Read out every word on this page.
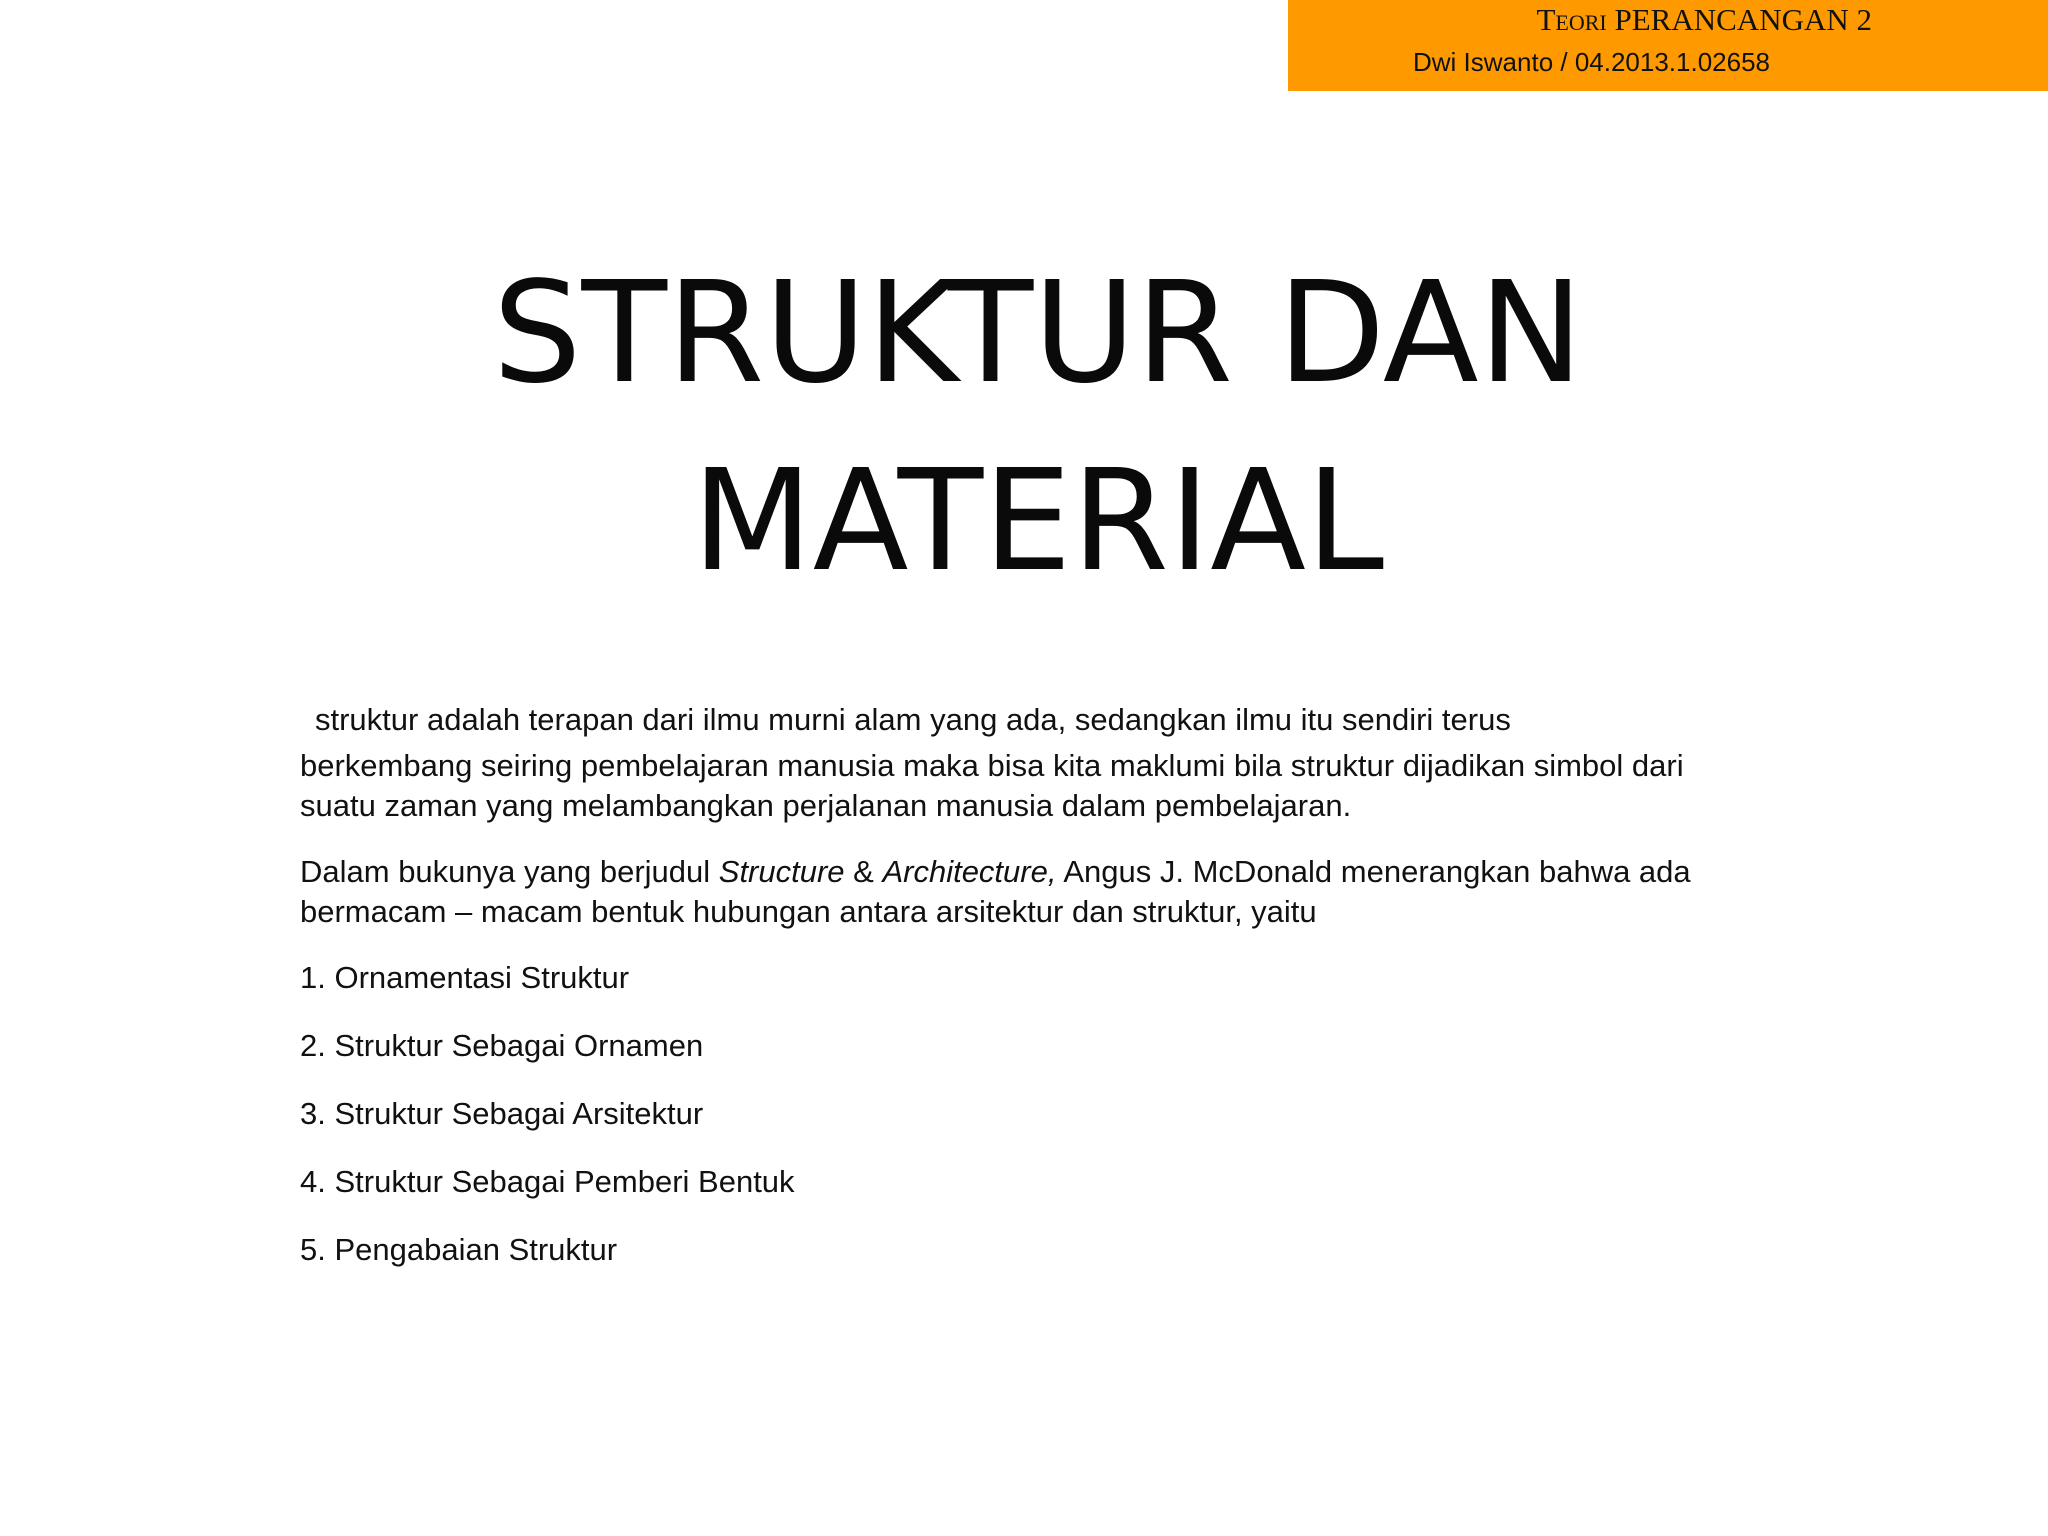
Teori PERANCANGAN 2
Dwi Iswanto / 04.2013.1.02658
STRUKTUR DAN
MATERIAL

struktur adalah terapan dari ilmu murni alam yang ada, sedangkan ilmu itu sendiri terus

berkembang seiring pembelajaran manusia maka bisa kita maklumi bila struktur dijadikan simbol dari

suatu zaman yang melambangkan perjalanan manusia dalam pembelajaran.

Dalam bukunya yang berjudul Structure & Architecture, Angus J. McDonald menerangkan bahwa ada

bermacam – macam bentuk hubungan antara arsitektur dan struktur, yaitu

1. Ornamentasi Struktur

2. Struktur Sebagai Ornamen

3. Struktur Sebagai Arsitektur

4. Struktur Sebagai Pemberi Bentuk

5. Pengabaian Struktur
